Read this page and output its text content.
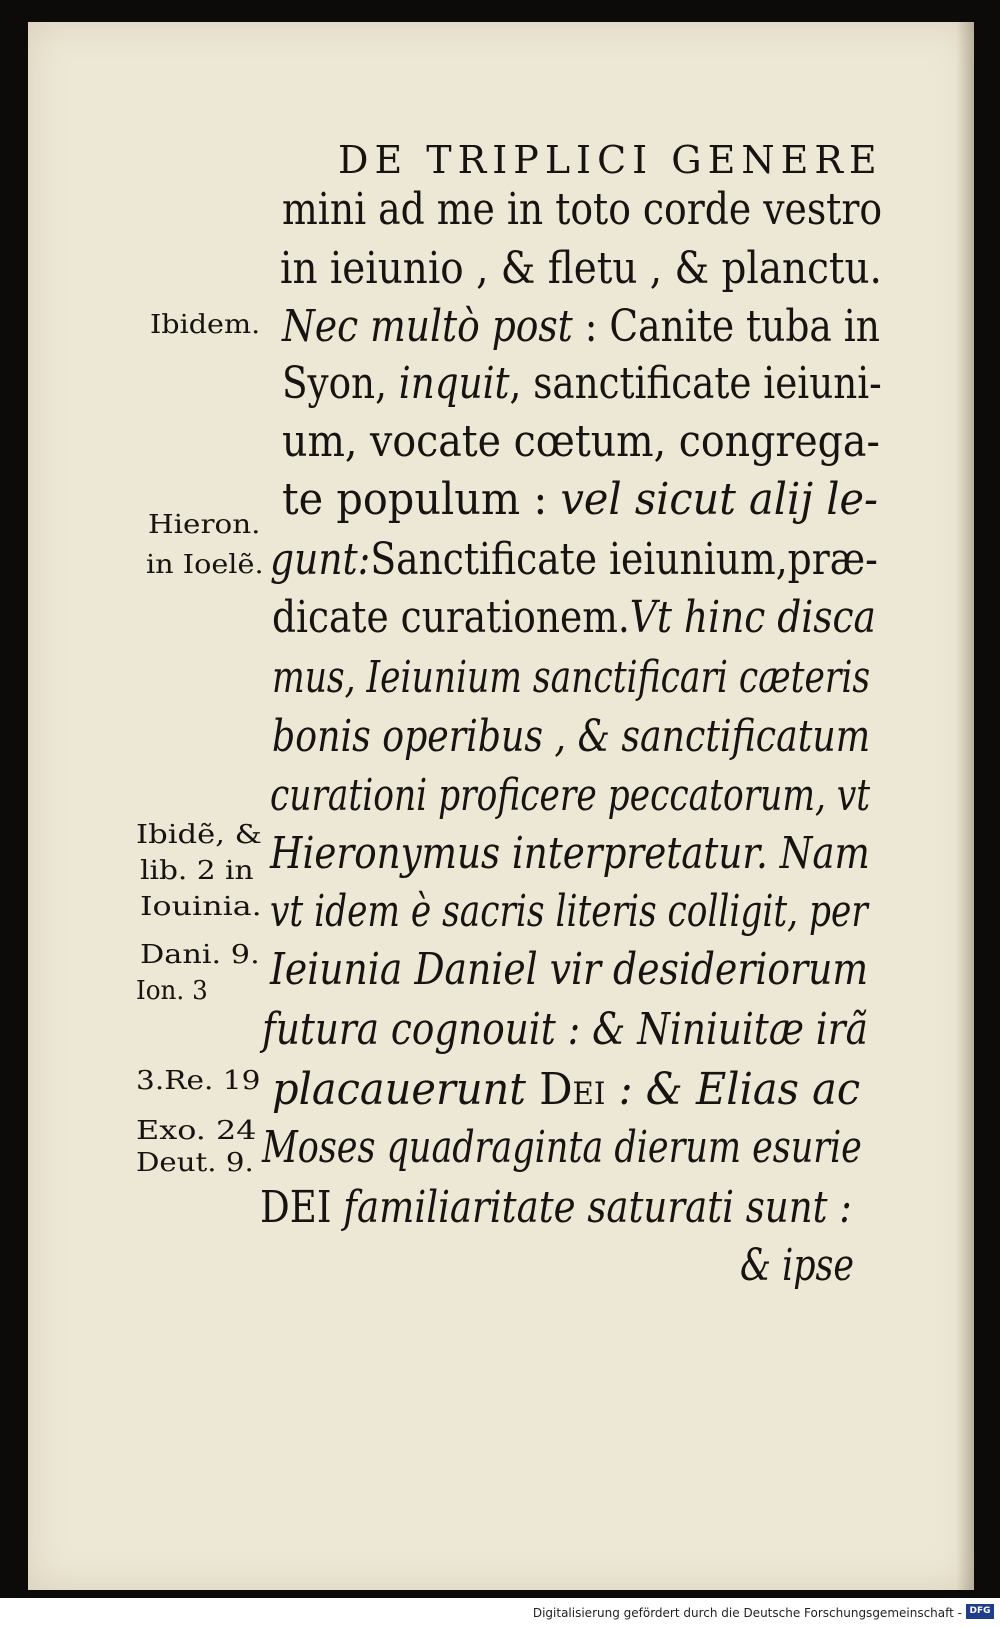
DE TRIPLICI GENERE
mini ad me in toto corde vestro
in ieiunio , & fletu , & planctu.
Nec multò post : Canite tuba in
Syon, inquit, sanctificate ieiuni-
um, vocate cœtum, congrega-
te populum : vel sicut alij le-
gunt:Sanctificate ieiunium,præ-
dicate curationem.Vt hinc disca
mus, Ieiunium sanctificari cæteris
bonis operibus , & sanctificatum
curationi proficere peccatorum, vt
Hieronymus interpretatur. Nam
vt idem è sacris literis colligit, per
Ieiunia Daniel vir desideriorum
futura cognouit : & Niniuitæ irã
placauerunt Dei : & Elias ac
Moses quadraginta dierum esurie
DEI familiaritate saturati sunt :
& ipse
Ibidem.
Hieron.
in Ioelẽ.
Ibidẽ, &
lib. 2 in
Iouinia.
Dani. 9.
Ion. 3
3.Re. 19
Exo. 24
Deut. 9.
Digitalisierung gefördert durch die Deutsche Forschungsgemeinschaft - DFG
